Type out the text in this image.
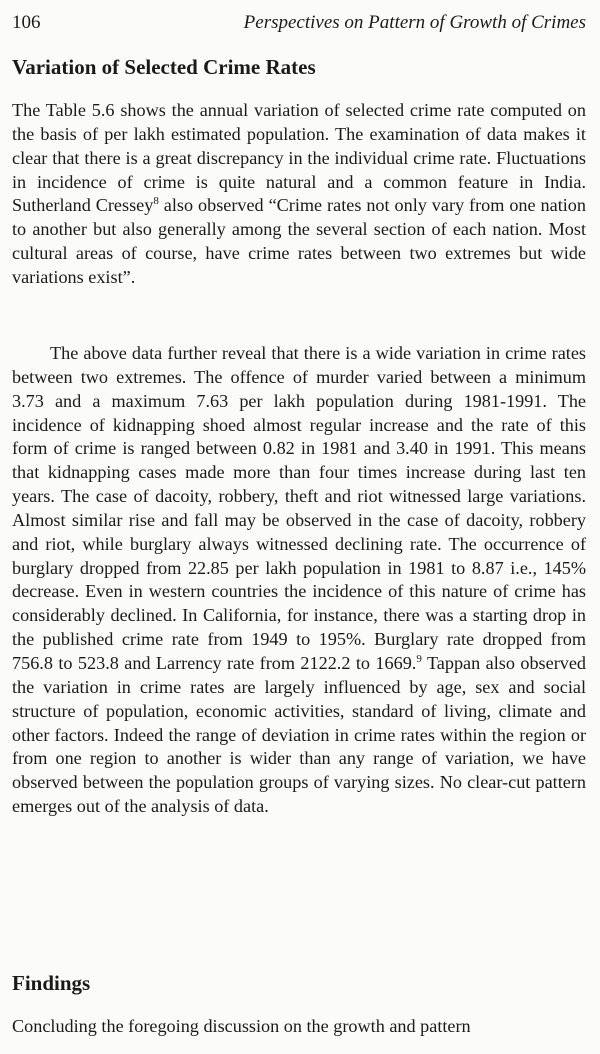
106	Perspectives on Pattern of Growth of Crimes
Variation of Selected Crime Rates

The Table 5.6 shows the annual variation of selected crime rate computed on the basis of per lakh estimated population. The examination of data makes it clear that there is a great discrepancy in the individual crime rate. Fluctuations in incidence of crime is quite natural and a common feature in India. Sutherland Cressey$^8$ also observed “Crime rates not only vary from one nation to another but also generally among the several section of each nation. Most cultural areas of course, have crime rates between two extremes but wide variations exist”.

The above data further reveal that there is a wide variation in crime rates between two extremes. The offence of murder varied between a minimum 3.73 and a maximum 7.63 per lakh population during 1981-1991. The incidence of kidnapping shoed almost regular increase and the rate of this form of crime is ranged between 0.82 in 1981 and 3.40 in 1991. This means that kidnapping cases made more than four times increase during last ten years. The case of dacoity, robbery, theft and riot witnessed large variations. Almost similar rise and fall may be observed in the case of dacoity, robbery and riot, while burglary always witnessed declining rate. The occurrence of burglary dropped from 22.85 per lakh population in 1981 to 8.87 i.e., 145% decrease. Even in western countries the incidence of this nature of crime has considerably declined. In California, for instance, there was a starting drop in the published crime rate from 1949 to 195%. Burglary rate dropped from 756.8 to 523.8 and Larrency rate from 2122.2 to 1669.$^9$ Tappan also observed the variation in crime rates are largely influenced by age, sex and social structure of population, economic activities, standard of living, climate and other factors. Indeed the range of deviation in crime rates within the region or from one region to another is wider than any range of variation, we have observed between the population groups of varying sizes. No clear-cut pattern emerges out of the analysis of data.

Findings

Concluding the foregoing discussion on the growth and pattern
